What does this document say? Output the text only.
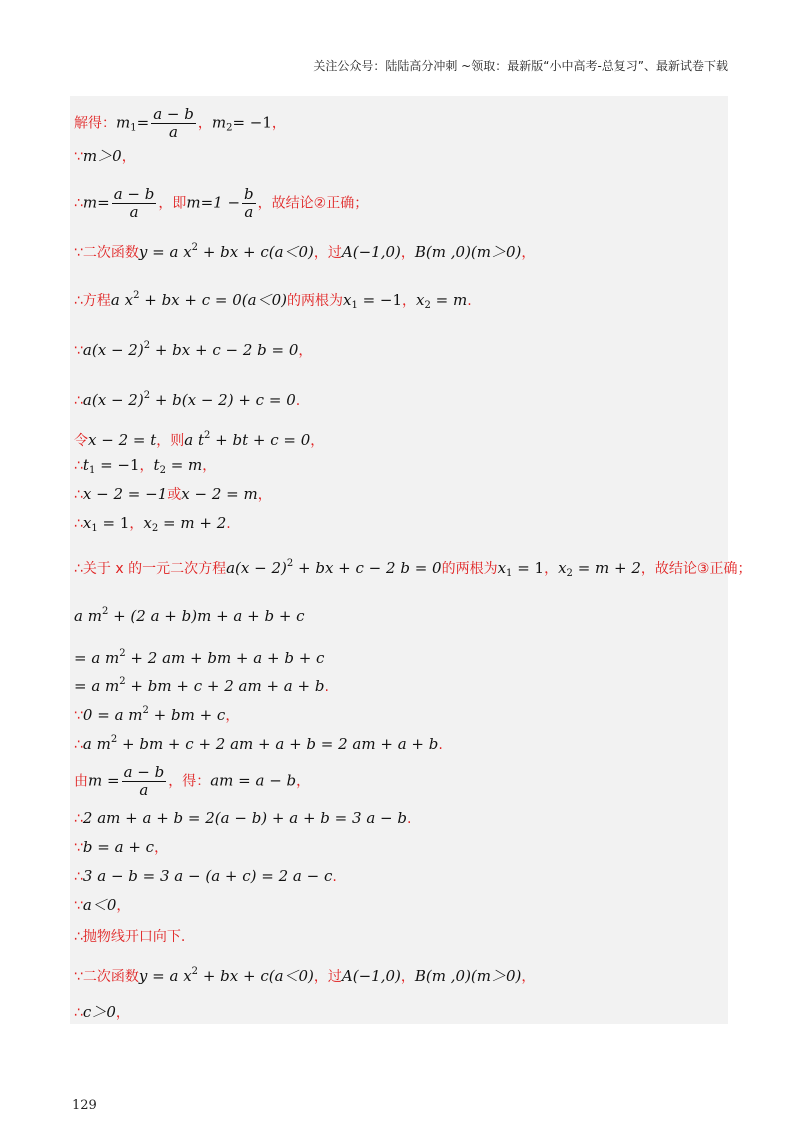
关注公众号：陆陆高分冲刺 ~领取：最新版“小中高考-总复习”、最新试卷下载
解得：$m_1= \frac{a - b}{a}$ ，$m_2= -1$，
∵m＞0，
∴m= $\frac{a - b}{a}$ ，即$m=1 - \frac{b}{a}$ ，故结论②正确；
∵二次函数y = a $x^2$ + bx + c(a＜0)，过A(−1,0)，B(m ,0)(m＞0)，
∴方程a $x^2$ + bx + c = 0(a＜0)的两根为$x_1 = -1$，$x_2 = m$.
∵a(x − 2)$^2$ + bx + c − 2 b = 0，
∴a(x − 2)$^2$ + b(x − 2) + c = 0.
令x − 2 = t，则a $t^2$ + bt + c = 0，
$\therefore t_1 = -1$，$t_2 = m$，
∴x − 2 = −1或x − 2 = m，
$\therefore x_1 = 1$，$x_2 = m + 2$.
∴关于 x 的一元二次方程$a(x - 2)^2$ + bx + c − 2 b = 0的两根为$x_1 = 1$，$x_2 = m + 2$，故结论③正确；
a $m^2 + (2$ a + b)m + a + b + c
= a $m^2 + 2$ am + bm + a + b + c
= a $m^2$ + bm + c + 2 am + a + b.
∵0 = a $m^2$ + bm + c，
∴a $m^2$ + bm + c + 2 am + a + b = 2 am + a + b.
由$m = \frac{a - b}{a}$ ，得：am = a − b，
∴2 am + a + b = 2(a − b) + a + b = 3 a − b.
∵b = a + c，
∴3 a − b = 3 a − (a + c) = 2 a − c.
∵a＜0，
∴抛物线开口向下.
∵二次函数y = a $x^2$ + bx + c(a＜0)，过A(−1,0)，B(m ,0)(m＞0)，
∴c＞0，
129
